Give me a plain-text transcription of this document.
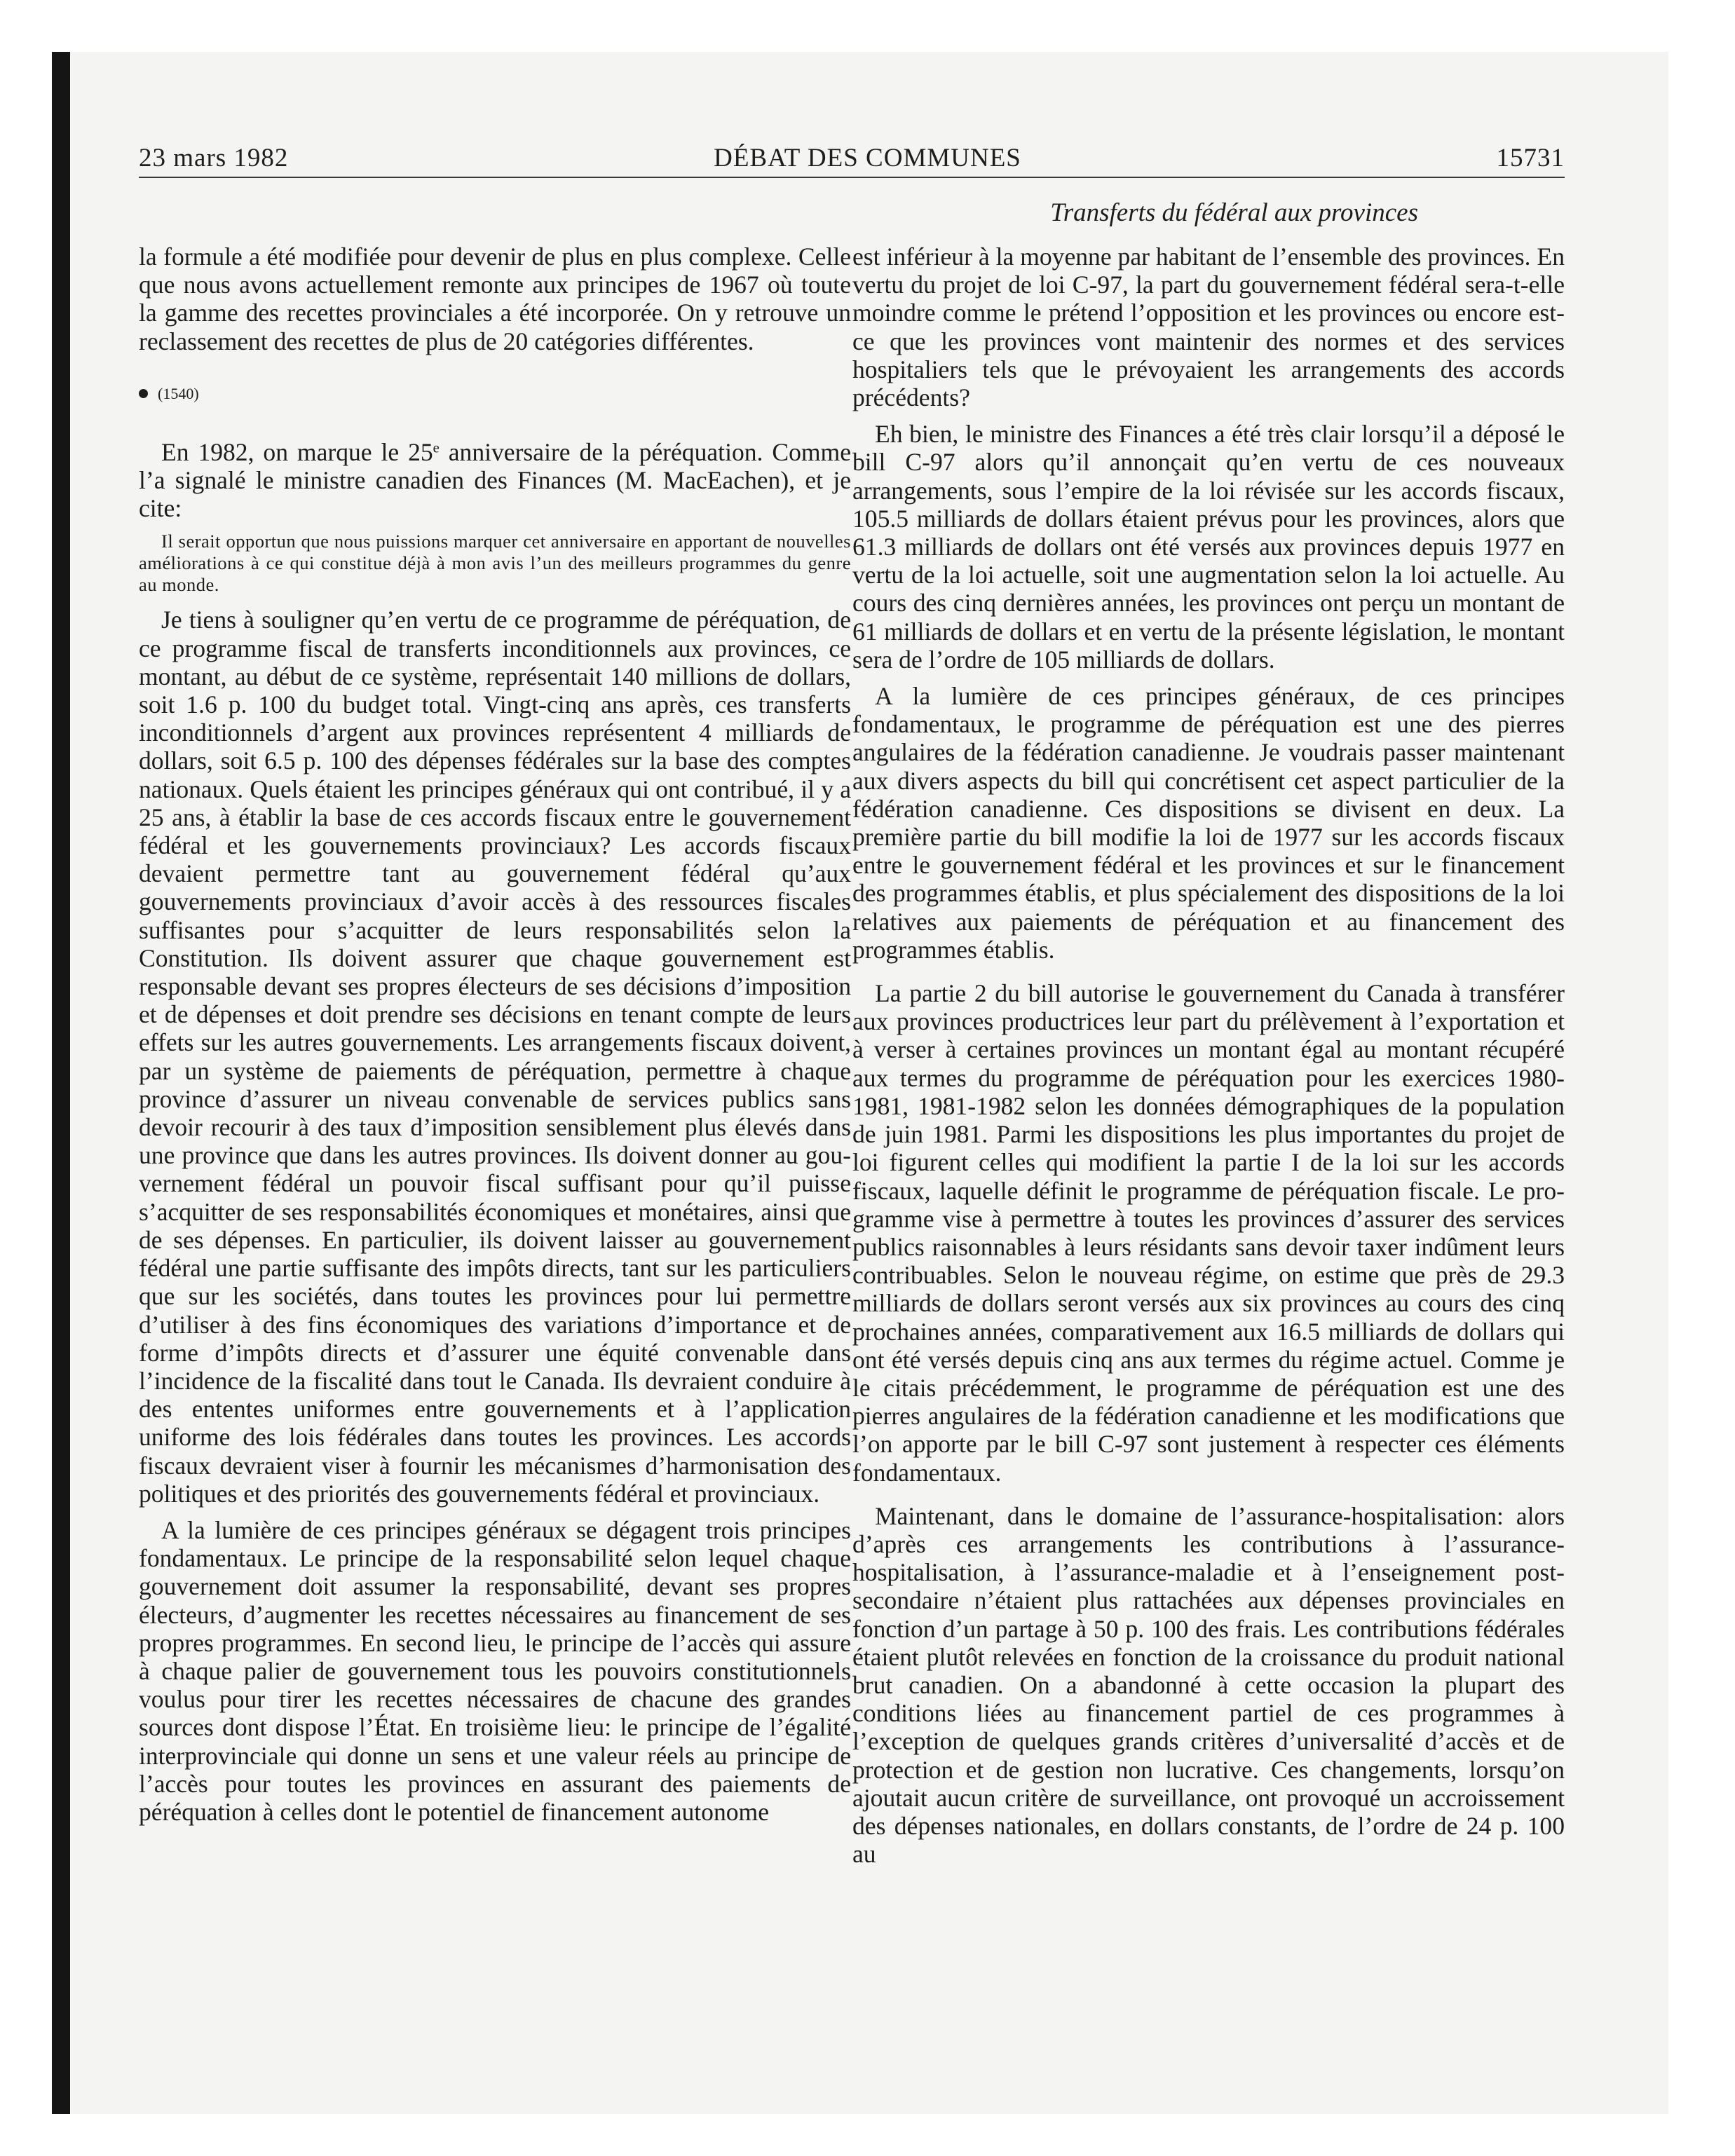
23 mars 1982	DÉBAT DES COMMUNES	15731
Transferts du fédéral aux provinces

la formule a été modifiée pour devenir de plus en plus complexe. Celle que nous avons actuellement remonte aux principes de 1967 où toute la gamme des recettes provinciales a été incorporée. On y retrouve un reclassement des recettes de plus de 20 catégories différentes.

(1540)

En 1982, on marque le 25e anniversaire de la péréquation. Comme l’a signalé le ministre canadien des Finances (M. MacEachen), et je cite:

Il serait opportun que nous puissions marquer cet anniversaire en apportant de nouvelles améliorations à ce qui constitue déjà à mon avis l’un des meilleurs programmes du genre au monde.

Je tiens à souligner qu’en vertu de ce programme de péréquation, de ce programme fiscal de transferts inconditionnels aux provinces, ce montant, au début de ce système, représentait 140 millions de dollars, soit 1.6 p. 100 du budget total. Vingt-cinq ans après, ces transferts inconditionnels d’argent aux provinces représentent 4 milliards de dollars, soit 6.5 p. 100 des dépenses fédérales sur la base des comptes nationaux. Quels étaient les principes généraux qui ont contribué, il y a 25 ans, à établir la base de ces accords fiscaux entre le gouvernement fédéral et les gouvernements provinciaux? Les accords fiscaux devaient permettre tant au gouvernement fédéral qu’aux gouvernements provinciaux d’avoir accès à des ressources fiscales suffisantes pour s’acquitter de leurs responsabilités selon la Constitution. Ils doivent assurer que chaque gouvernement est responsable devant ses propres électeurs de ses décisions d’imposition et de dépenses et doit prendre ses décisions en tenant compte de leurs effets sur les autres gouvernements. Les arrangements fiscaux doivent, par un système de paiements de péréquation, permettre à chaque province d’assurer un niveau convenable de services publics sans devoir recourir à des taux d’imposition sensiblement plus élevés dans une province que dans les autres provinces. Ils doivent donner au gouvernement fédéral un pouvoir fiscal suffisant pour qu’il puisse s’acquitter de ses responsabilités économiques et monétaires, ainsi que de ses dépenses. En particulier, ils doivent laisser au gouvernement fédéral une partie suffisante des impôts directs, tant sur les particuliers que sur les sociétés, dans toutes les provinces pour lui permettre d’utiliser à des fins économiques des variations d’importance et de forme d’impôts directs et d’assurer une équité convenable dans l’incidence de la fiscalité dans tout le Canada. Ils devraient conduire à des ententes uniformes entre gouvernements et à l’application uniforme des lois fédérales dans toutes les provinces. Les accords fiscaux devraient viser à fournir les mécanismes d’harmonisation des politiques et des priorités des gouvernements fédéral et provinciaux.

A la lumière de ces principes généraux se dégagent trois principes fondamentaux. Le principe de la responsabilité selon lequel chaque gouvernement doit assumer la responsabilité, devant ses propres électeurs, d’augmenter les recettes nécessaires au financement de ses propres programmes. En second lieu, le principe de l’accès qui assure à chaque palier de gouvernement tous les pouvoirs constitutionnels voulus pour tirer les recettes nécessaires de chacune des grandes sources dont dispose l’État. En troisième lieu: le principe de l’égalité interprovinciale qui donne un sens et une valeur réels au principe de l’accès pour toutes les provinces en assurant des paiements de péréquation à celles dont le potentiel de financement autonome

est inférieur à la moyenne par habitant de l’ensemble des provinces. En vertu du projet de loi C-97, la part du gouvernement fédéral sera-t-elle moindre comme le prétend l’opposition et les provinces ou encore est-ce que les provinces vont maintenir des normes et des services hospitaliers tels que le prévoyaient les arrangements des accords précédents?

Eh bien, le ministre des Finances a été très clair lorsqu’il a déposé le bill C-97 alors qu’il annonçait qu’en vertu de ces nouveaux arrangements, sous l’empire de la loi révisée sur les accords fiscaux, 105.5 milliards de dollars étaient prévus pour les provinces, alors que 61.3 milliards de dollars ont été versés aux provinces depuis 1977 en vertu de la loi actuelle, soit une augmentation selon la loi actuelle. Au cours des cinq dernières années, les provinces ont perçu un montant de 61 milliards de dollars et en vertu de la présente législation, le montant sera de l’ordre de 105 milliards de dollars.

A la lumière de ces principes généraux, de ces principes fondamentaux, le programme de péréquation est une des pierres angulaires de la fédération canadienne. Je voudrais passer maintenant aux divers aspects du bill qui concrétisent cet aspect particulier de la fédération canadienne. Ces dispositions se divisent en deux. La première partie du bill modifie la loi de 1977 sur les accords fiscaux entre le gouvernement fédéral et les provinces et sur le financement des programmes établis, et plus spécialement des dispositions de la loi relatives aux paiements de péréquation et au financement des programmes établis.

La partie 2 du bill autorise le gouvernement du Canada à transférer aux provinces productrices leur part du prélèvement à l’exportation et à verser à certaines provinces un montant égal au montant récupéré aux termes du programme de péréquation pour les exercices 1980-1981, 1981-1982 selon les données démographiques de la population de juin 1981. Parmi les dispositions les plus importantes du projet de loi figurent celles qui modifient la partie I de la loi sur les accords fiscaux, laquelle définit le programme de péréquation fiscale. Le programme vise à permettre à toutes les provinces d’assurer des services publics raisonnables à leurs résidants sans devoir taxer indûment leurs contribuables. Selon le nouveau régime, on estime que près de 29.3 milliards de dollars seront versés aux six provinces au cours des cinq prochaines années, comparativement aux 16.5 milliards de dollars qui ont été versés depuis cinq ans aux termes du régime actuel. Comme je le citais précédemment, le programme de péréquation est une des pierres angulaires de la fédération canadienne et les modifications que l’on apporte par le bill C-97 sont justement à respecter ces éléments fondamentaux.

Maintenant, dans le domaine de l’assurance-hospitalisation: alors d’après ces arrangements les contributions à l’assurance-hospitalisation, à l’assurance-maladie et à l’enseignement postsecondaire n’étaient plus rattachées aux dépenses provinciales en fonction d’un partage à 50 p. 100 des frais. Les contributions fédérales étaient plutôt relevées en fonction de la croissance du produit national brut canadien. On a abandonné à cette occasion la plupart des conditions liées au financement partiel de ces programmes à l’exception de quelques grands critères d’universalité d’accès et de protection et de gestion non lucrative. Ces changements, lorsqu’on ajoutait aucun critère de surveillance, ont provoqué un accroissement des dépenses nationales, en dollars constants, de l’ordre de 24 p. 100 au
